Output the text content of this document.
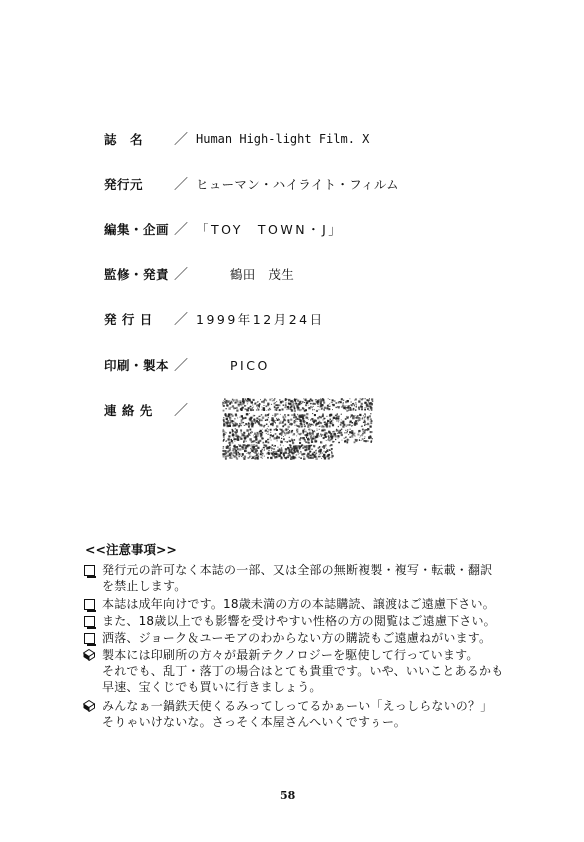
誌　名	／ Human High-light Film. X
発行元	／ ヒューマン・ハイライト・フィルム
編集・企画 ／ 「TOY　TOWN・J」
監修・発責 ／	鶴田　茂生
発 行 日	／ 1999年12月24日
印刷・製本 ／	PICO
連 絡 先	／
<<注意事項>>
発行元の許可なく本誌の一部、又は全部の無断複製・複写・転載・翻訳
を禁止します。
本誌は成年向けです。18歳未満の方の本誌購読、譲渡はご遠慮下さい。
また、18歳以上でも影響を受けやすい性格の方の閲覧はご遠慮下さい。
洒落、ジョーク＆ユーモアのわからない方の購読もご遠慮ねがいます。
製本には印刷所の方々が最新テクノロジーを駆使して行っています。
それでも、乱丁・落丁の場合はとても貴重です。いや、いいことあるかも
早速、宝くじでも買いに行きましょう。
みんなぁ一鍋鉄天使くるみってしってるかぁーい「えっしらないの？」
そりゃいけないな。さっそく本屋さんへいくですぅー。
58
